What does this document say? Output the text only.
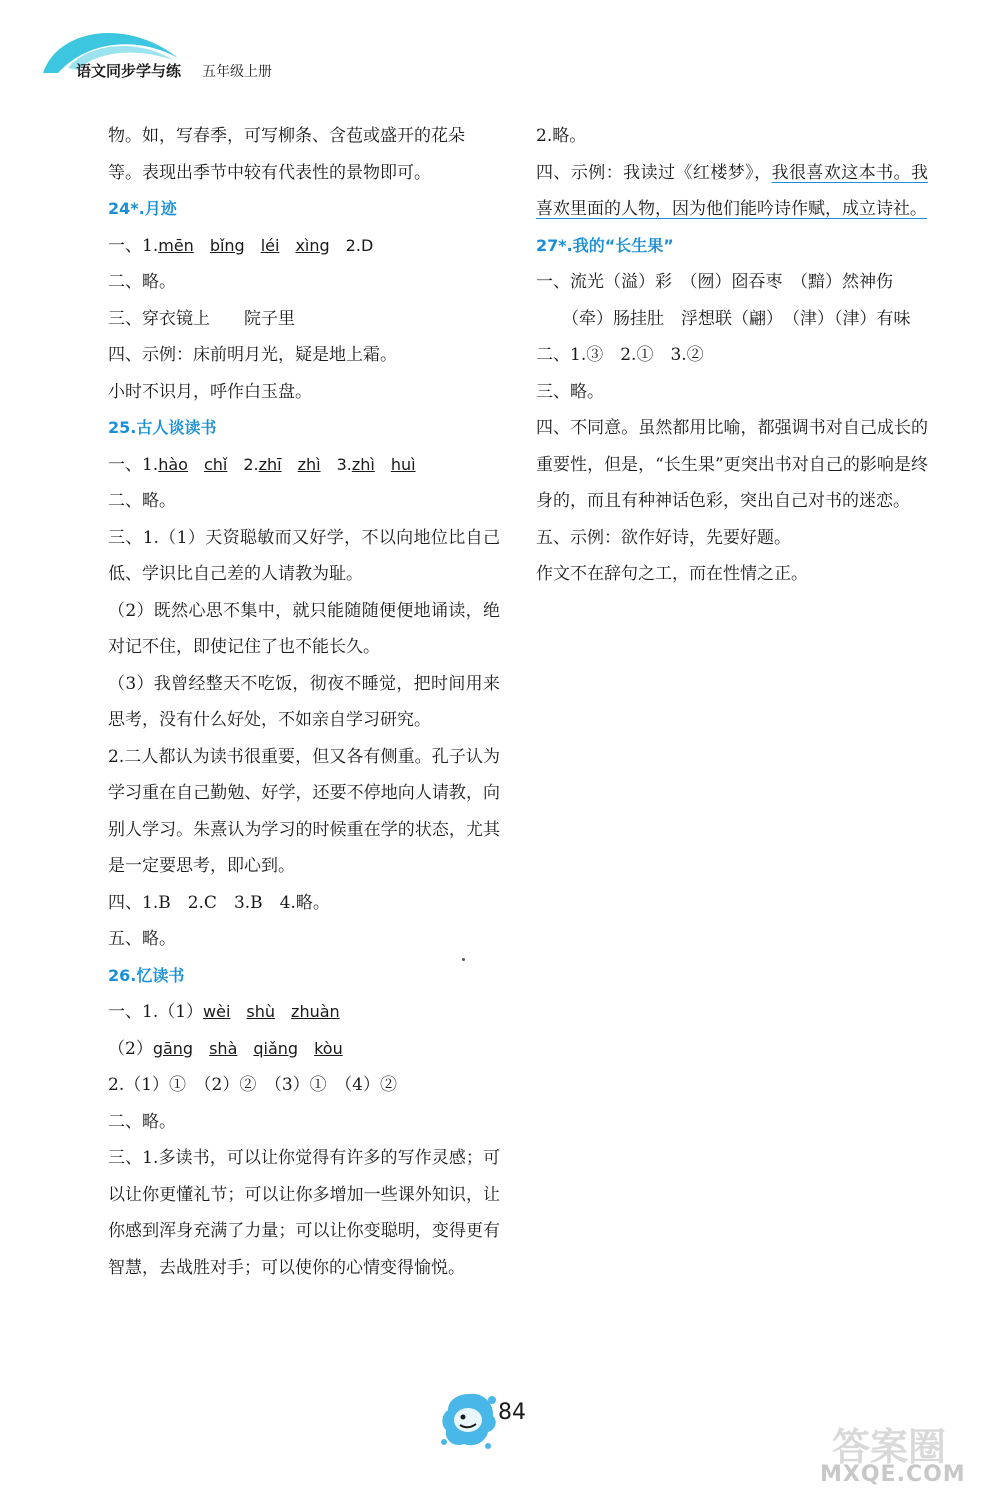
语文同步学与练 五年级上册
物。如，写春季，可写柳条、含苞或盛开的花朵
等。表现出季节中较有代表性的景物即可。
24*.月迹
一、1.mēn bǐng léi xìng 2.D
二、略。
三、穿衣镜上 院子里
四、示例：床前明月光，疑是地上霜。
小时不识月，呼作白玉盘。
25.古人谈读书
一、1.hào chǐ 2.zhī zhì 3.zhì huì
二、略。
三、1.（1）天资聪敏而又好学，不以向地位比自己低、学识比自己差的人请教为耻。
（2）既然心思不集中，就只能随随便便地诵读，绝对记不住，即使记住了也不能长久。
（3）我曾经整天不吃饭，彻夜不睡觉，把时间用来思考，没有什么好处，不如亲自学习研究。
2.二人都认为读书很重要，但又各有侧重。孔子认为学习重在自己勤勉、好学，还要不停地向人请教，向别人学习。朱熹认为学习的时候重在学的状态，尤其是一定要思考，即心到。
四、1.B　2.C　3.B　4.略。
五、略。
26.忆读书
一、1.（1）wèi shù zhuàn
（2）gāng shà qiǎng kòu
2.（1）①　（2）②　（3）①　（4）②
二、略。
三、1.多读书，可以让你觉得有许多的写作灵感；可以让你更懂礼节；可以让你多增加一些课外知识，让你感到浑身充满了力量；可以让你变聪明，变得更有智慧，去战胜对手；可以使你的心情变得愉悦。
2.略。
四、示例：我读过《红楼梦》，我很喜欢这本书。我喜欢里面的人物，因为他们能吟诗作赋，成立诗社。
27*.我的“长生果”
一、流光（溢）彩　（囫）囵吞枣　（黯）然神伤
（牵）肠挂肚　浮想联（翩）　（津）（津）有味
二、1.③　2.①　3.②
三、略。
四、不同意。虽然都用比喻，都强调书对自己成长的重要性，但是，“长生果”更突出书对自己的影响是终身的，而且有种神话色彩，突出自己对书的迷恋。
五、示例：欲作好诗，先要好题。
作文不在辞句之工，而在性情之正。
84
答案圈
MXQE.COM
